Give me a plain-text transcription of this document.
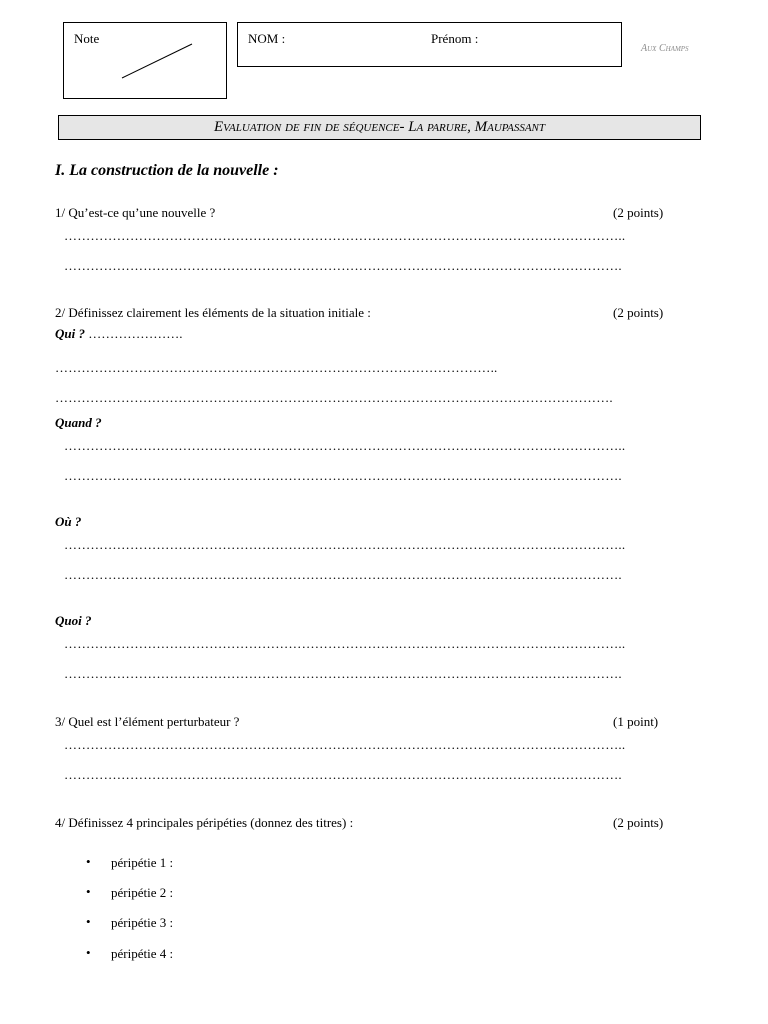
Note	NOM :	Prénom :
Aux Champs
Evaluation de fin de séquence- La parure, Maupassant
I. La construction de la nouvelle :
1/ Qu’est-ce qu’une nouvelle ?	(2 points)
………………………………………………………………………………………………………………..
……………………………………………………………………………………………………………….
2/ Définissez clairement les éléments de la situation initiale :	(2 points)
Qui ? ………………….
………………………………………………………………………………………..
……………………………………………………………………………………………………………….
Quand ?
………………………………………………………………………………………………………………..
……………………………………………………………………………………………………………….
Où ?
………………………………………………………………………………………………………………..
……………………………………………………………………………………………………………….
Quoi ?
………………………………………………………………………………………………………………..
……………………………………………………………………………………………………………….
3/ Quel est l’élément perturbateur ?	(1 point)
………………………………………………………………………………………………………………..
……………………………………………………………………………………………………………….
4/ Définissez 4 principales péripéties (donnez des titres) :	(2 points)
• péripétie 1 :
• péripétie 2 :
• péripétie 3 :
• péripétie 4 :
